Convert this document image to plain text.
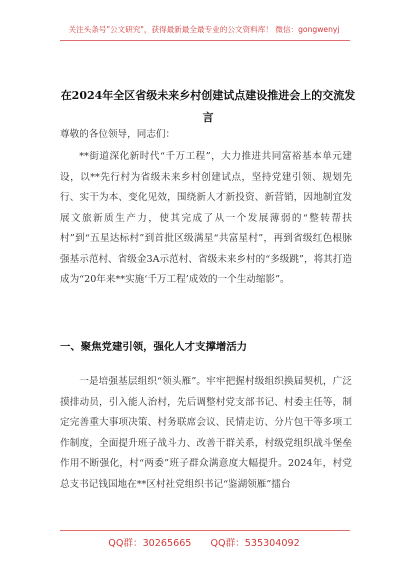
关注头条号"公文研究"，获得最新最全最专业的公文资料库！ 微信：gongwenyj
在2024年全区省级未来乡村创建试点建设推进会上的交流发言
尊敬的各位领导，同志们：
**街道深化新时代“千万工程”，大力推进共同富裕基本单元建设，以**先行村为省级未来乡村创建试点，坚持党建引领、规划先行、实干为本、变化见效，围绕新人才新投资、新营销，因地制宜发展文旅新质生产力，使其完成了从一个发展薄弱的“整转帮扶村”到“五星达标村”到首批区级满星“共富星村”，再到省级红色根脉强基示范村、省级金3A示范村、省级未来乡村的“多级跳”，将其打造成为“20年来**实施‘千万工程’成效的一个生动缩影”。
一、聚焦党建引领，强化人才支撑增活力
一是培强基层组织“领头雁”。牢牢把握村级组织换届契机，广泛摸排动员，引入能人治村，先后调整村党支部书记、村委主任等，制定完善重大事项决策、村务联席会议、民情走访、分片包干等多项工作制度，全面提升班子战斗力、改善干群关系，村级党组织战斗堡垒作用不断强化，村“两委”班子群众满意度大幅提升。2024年，村党总支书记钱国地在**区村社党组织书记“鉴湖领雁”擂台
QQ群：30265665 QQ群：535304092
